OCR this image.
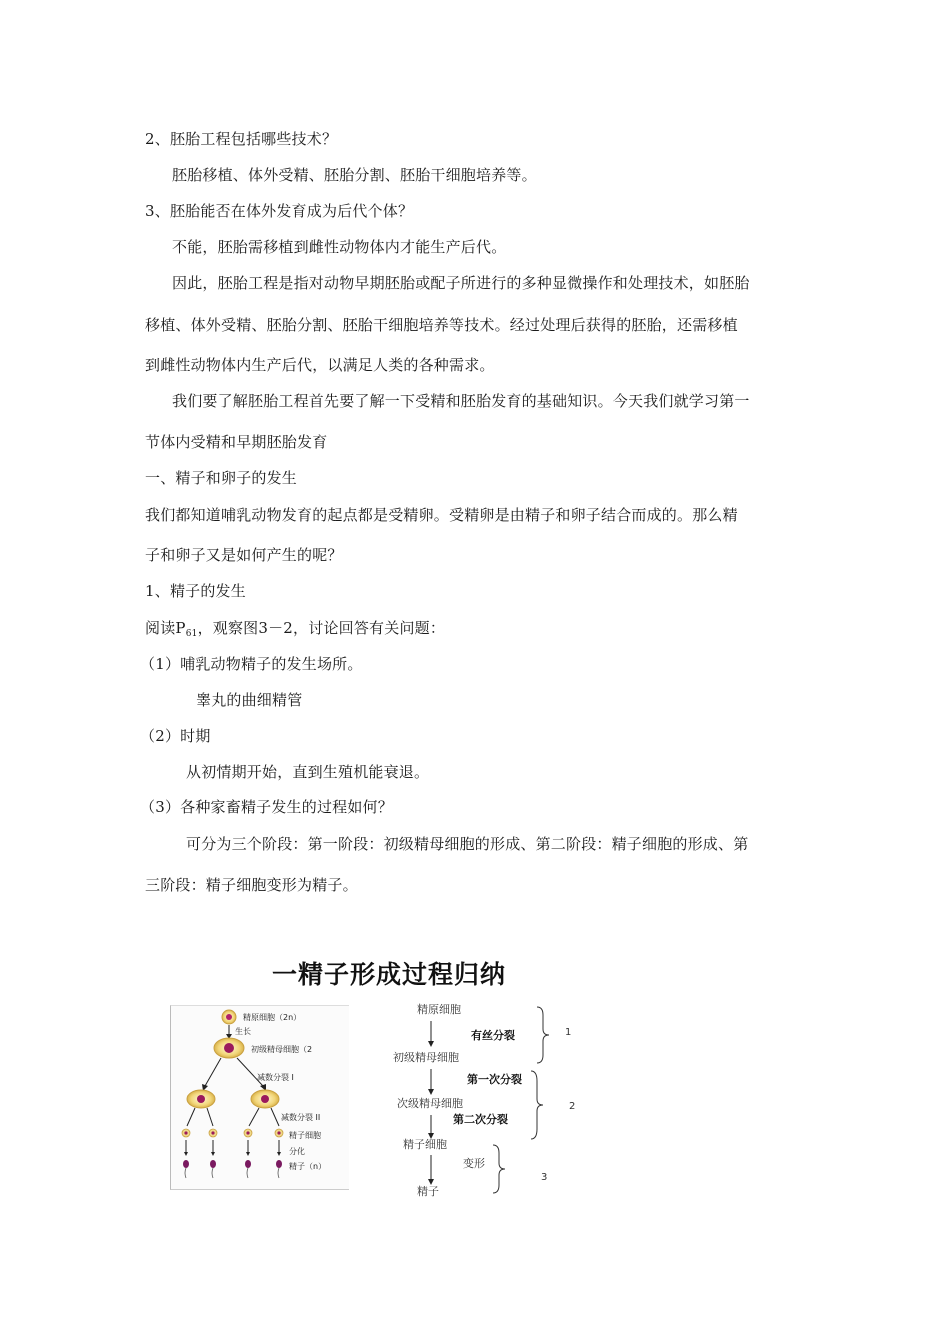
2、胚胎工程包括哪些技术？
胚胎移植、体外受精、胚胎分割、胚胎干细胞培养等。
3、胚胎能否在体外发育成为后代个体？
不能，胚胎需移植到雌性动物体内才能生产后代。
因此，胚胎工程是指对动物早期胚胎或配子所进行的多种显微操作和处理技术，如胚胎
移植、体外受精、胚胎分割、胚胎干细胞培养等技术。经过处理后获得的胚胎，还需移植
到雌性动物体内生产后代，以满足人类的各种需求。
我们要了解胚胎工程首先要了解一下受精和胚胎发育的基础知识。今天我们就学习第一
节体内受精和早期胚胎发育
一、精子和卵子的发生
我们都知道哺乳动物发育的起点都是受精卵。受精卵是由精子和卵子结合而成的。那么精
子和卵子又是如何产生的呢？
1、精子的发生
阅读$P_{61}$，观察图3－2，讨论回答有关问题：
（1）哺乳动物精子的发生场所。
睾丸的曲细精管
（2）时期
从初情期开始，直到生殖机能衰退。
（3）各种家畜精子发生的过程如何？
可分为三个阶段：第一阶段：初级精母细胞的形成、第二阶段：精子细胞的形成、第
三阶段：精子细胞变形为精子。
一精子形成过程归纳
精原细胞（2n）
生长
初级精母细胞（2
减数分裂 I
减数分裂 II
精子细胞
分化
精子（n）
精原细胞
有丝分裂
初级精母细胞
第一次分裂
次级精母细胞
第二次分裂
精子细胞
变形
精子
1
2
3
